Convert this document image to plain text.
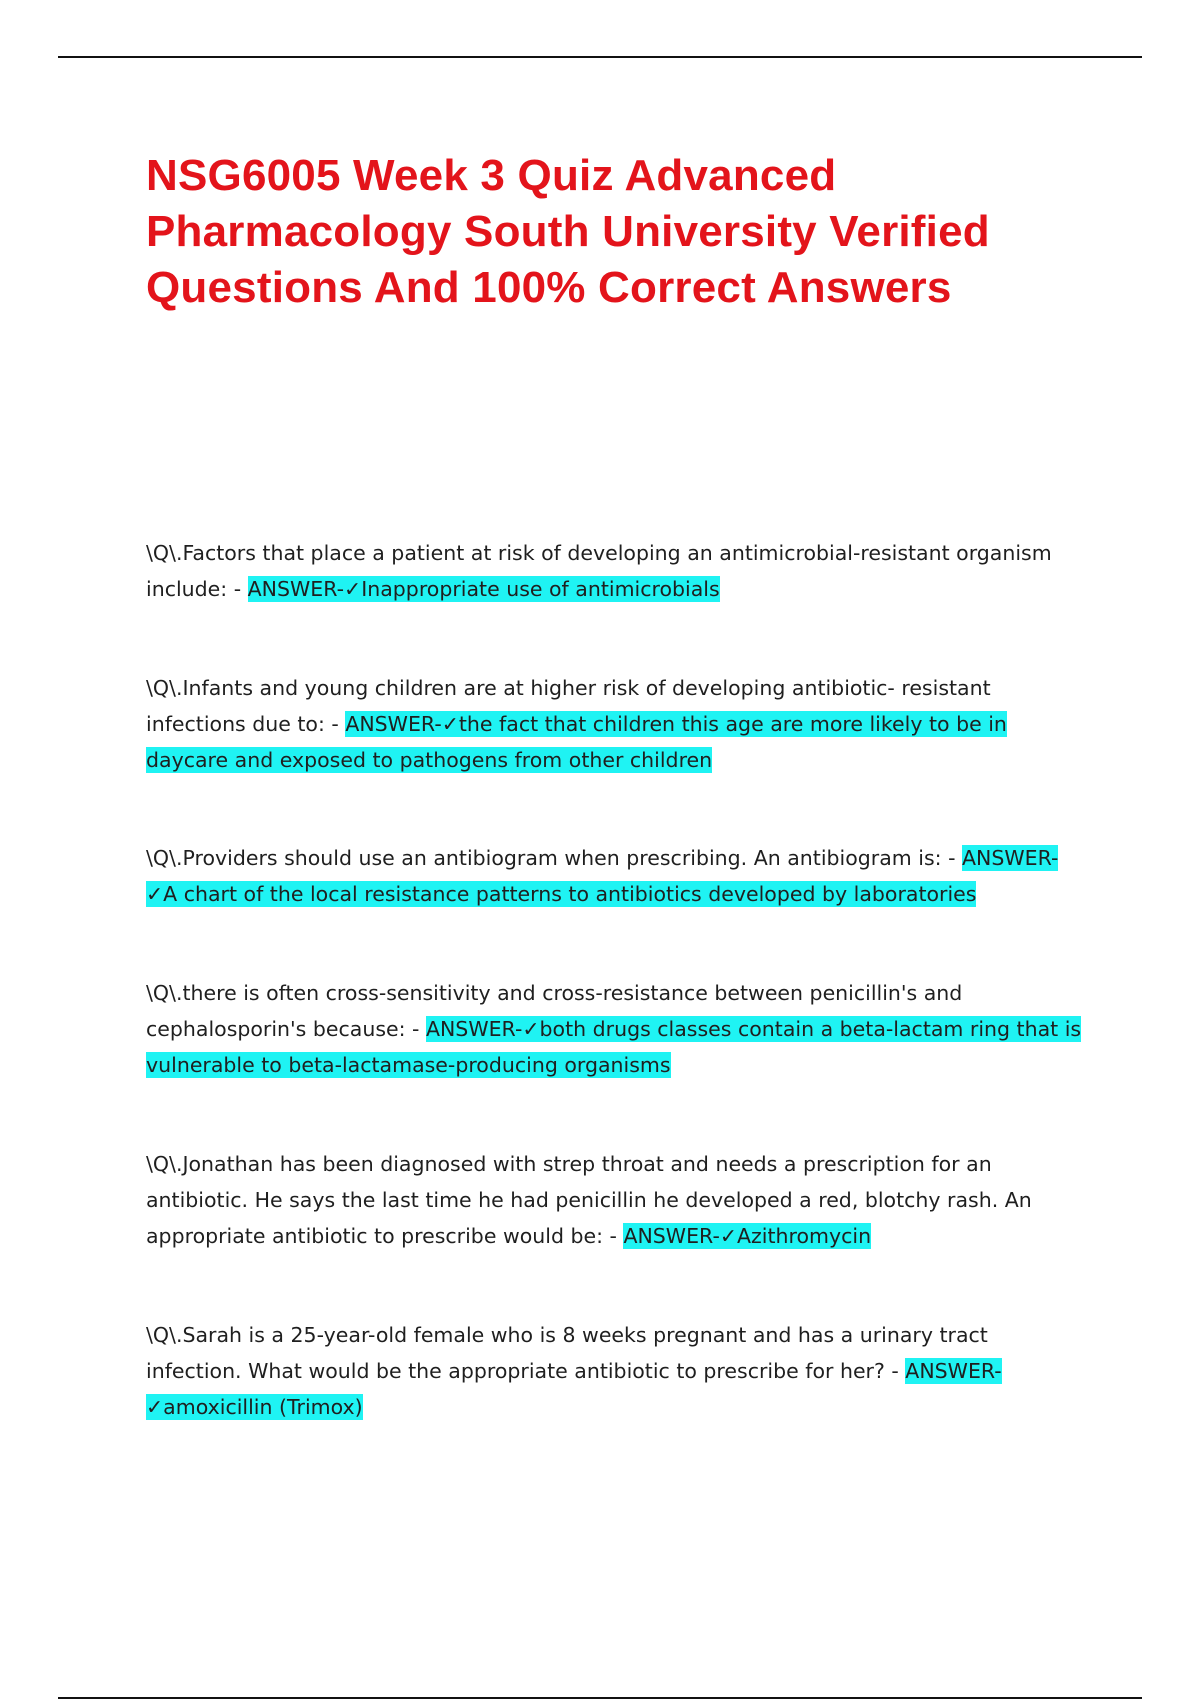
NSG6005 Week 3 Quiz Advanced Pharmacology South University Verified Questions And 100% Correct Answers

\Q\.Factors that place a patient at risk of developing an antimicrobial-resistant organism include: - ANSWER-✓Inappropriate use of antimicrobials

\Q\.Infants and young children are at higher risk of developing antibiotic- resistant infections due to: - ANSWER-✓the fact that children this age are more likely to be in daycare and exposed to pathogens from other children

\Q\.Providers should use an antibiogram when prescribing. An antibiogram is: - ANSWER-✓A chart of the local resistance patterns to antibiotics developed by laboratories

\Q\.there is often cross-sensitivity and cross-resistance between penicillin's and cephalosporin's because: - ANSWER-✓both drugs classes contain a beta-lactam ring that is vulnerable to beta-lactamase-producing organisms

\Q\.Jonathan has been diagnosed with strep throat and needs a prescription for an antibiotic. He says the last time he had penicillin he developed a red, blotchy rash. An appropriate antibiotic to prescribe would be: - ANSWER-✓Azithromycin

\Q\.Sarah is a 25-year-old female who is 8 weeks pregnant and has a urinary tract infection. What would be the appropriate antibiotic to prescribe for her? - ANSWER-✓amoxicillin (Trimox)
